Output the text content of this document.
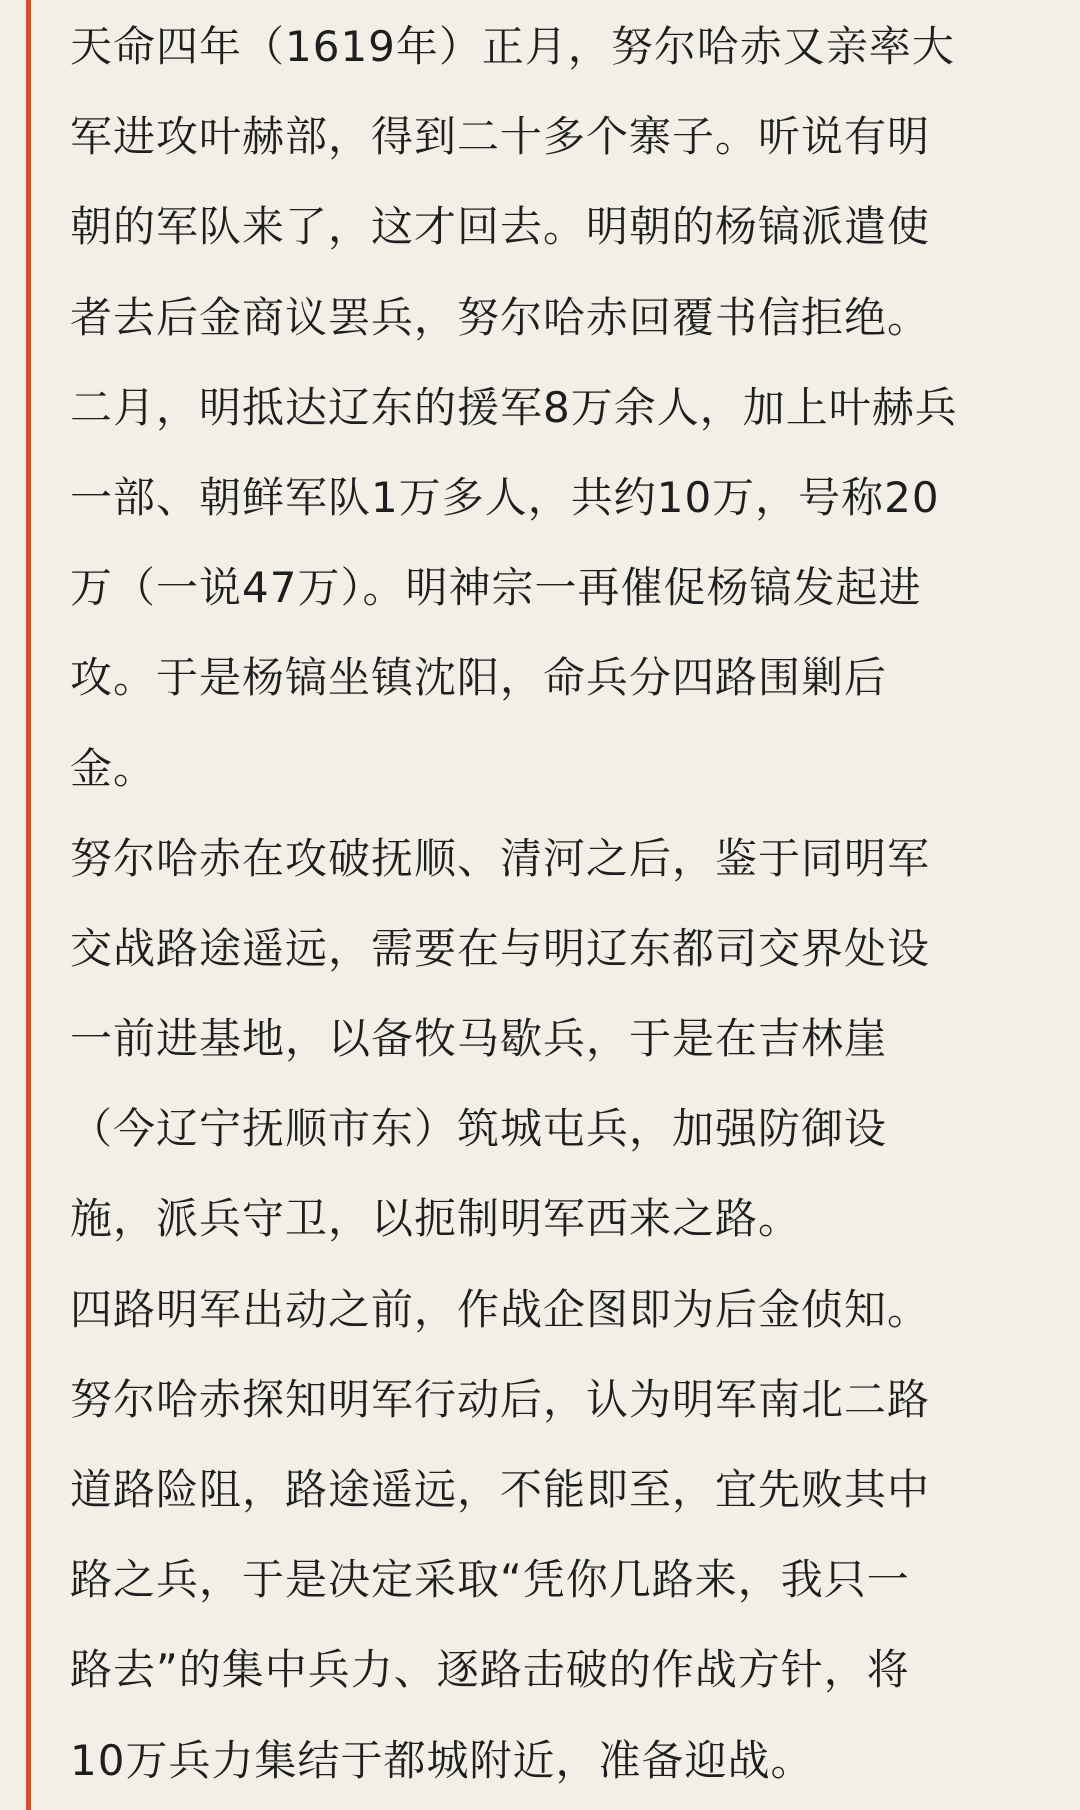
天命四年（1619年）正月，努尔哈赤又亲率大
军进攻叶赫部，得到二十多个寨子。听说有明
朝的军队来了，这才回去。明朝的杨镐派遣使
者去后金商议罢兵，努尔哈赤回覆书信拒绝。

二月，明抵达辽东的援军8万余人，加上叶赫兵
一部、朝鲜军队1万多人，共约10万，号称20
万（一说47万）。明神宗一再催促杨镐发起进
攻。于是杨镐坐镇沈阳，命兵分四路围剿后
金。

努尔哈赤在攻破抚顺、清河之后，鉴于同明军
交战路途遥远，需要在与明辽东都司交界处设
一前进基地，以备牧马歇兵，于是在吉林崖
（今辽宁抚顺市东）筑城屯兵，加强防御设
施，派兵守卫，以扼制明军西来之路。

四路明军出动之前，作战企图即为后金侦知。

努尔哈赤探知明军行动后，认为明军南北二路
道路险阻，路途遥远，不能即至，宜先败其中
路之兵，于是决定采取“凭你几路来，我只一
路去”的集中兵力、逐路击破的作战方针，将
10万兵力集结于都城附近，准备迎战。
